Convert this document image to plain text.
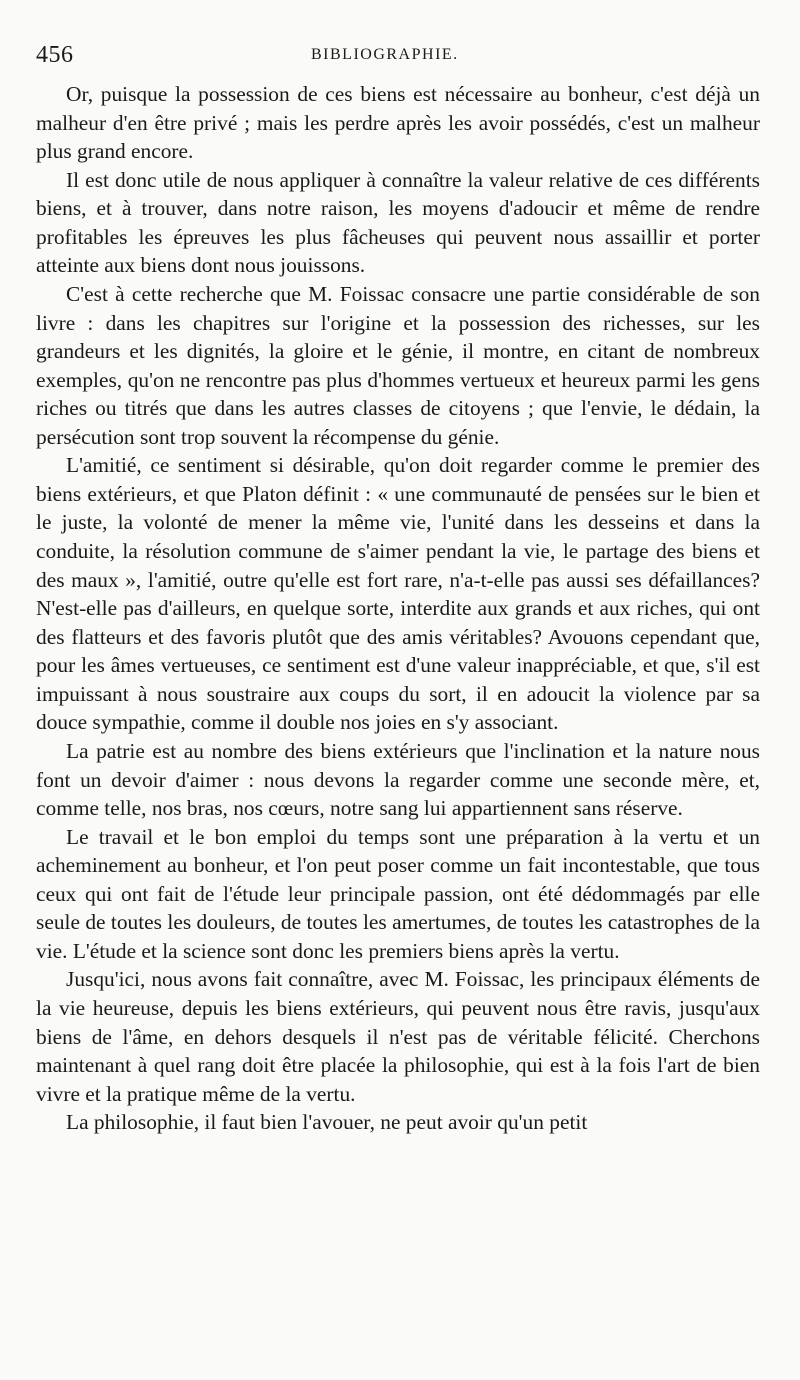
456	BIBLIOGRAPHIE.

Or, puisque la possession de ces biens est nécessaire au bonheur, c'est déjà un malheur d'en être privé ; mais les perdre après les avoir possédés, c'est un malheur plus grand encore.

Il est donc utile de nous appliquer à connaître la valeur relative de ces différents biens, et à trouver, dans notre raison, les moyens d'adoucir et même de rendre profitables les épreuves les plus fâcheuses qui peuvent nous assaillir et porter atteinte aux biens dont nous jouissons.

C'est à cette recherche que M. Foissac consacre une partie considérable de son livre : dans les chapitres sur l'origine et la possession des richesses, sur les grandeurs et les dignités, la gloire et le génie, il montre, en citant de nombreux exemples, qu'on ne rencontre pas plus d'hommes vertueux et heureux parmi les gens riches ou titrés que dans les autres classes de citoyens ; que l'envie, le dédain, la persécution sont trop souvent la récompense du génie.

L'amitié, ce sentiment si désirable, qu'on doit regarder comme le premier des biens extérieurs, et que Platon définit : « une communauté de pensées sur le bien et le juste, la volonté de mener la même vie, l'unité dans les desseins et dans la conduite, la résolution commune de s'aimer pendant la vie, le partage des biens et des maux », l'amitié, outre qu'elle est fort rare, n'a-t-elle pas aussi ses défaillances? N'est-elle pas d'ailleurs, en quelque sorte, interdite aux grands et aux riches, qui ont des flatteurs et des favoris plutôt que des amis véritables? Avouons cependant que, pour les âmes vertueuses, ce sentiment est d'une valeur inappréciable, et que, s'il est impuissant à nous soustraire aux coups du sort, il en adoucit la violence par sa douce sympathie, comme il double nos joies en s'y associant.

La patrie est au nombre des biens extérieurs que l'inclination et la nature nous font un devoir d'aimer : nous devons la regarder comme une seconde mère, et, comme telle, nos bras, nos cœurs, notre sang lui appartiennent sans réserve.

Le travail et le bon emploi du temps sont une préparation à la vertu et un acheminement au bonheur, et l'on peut poser comme un fait incontestable, que tous ceux qui ont fait de l'étude leur principale passion, ont été dédommagés par elle seule de toutes les douleurs, de toutes les amertumes, de toutes les catastrophes de la vie. L'étude et la science sont donc les premiers biens après la vertu.

Jusqu'ici, nous avons fait connaître, avec M. Foissac, les principaux éléments de la vie heureuse, depuis les biens extérieurs, qui peuvent nous être ravis, jusqu'aux biens de l'âme, en dehors desquels il n'est pas de véritable félicité. Cherchons maintenant à quel rang doit être placée la philosophie, qui est à la fois l'art de bien vivre et la pratique même de la vertu.

La philosophie, il faut bien l'avouer, ne peut avoir qu'un petit
